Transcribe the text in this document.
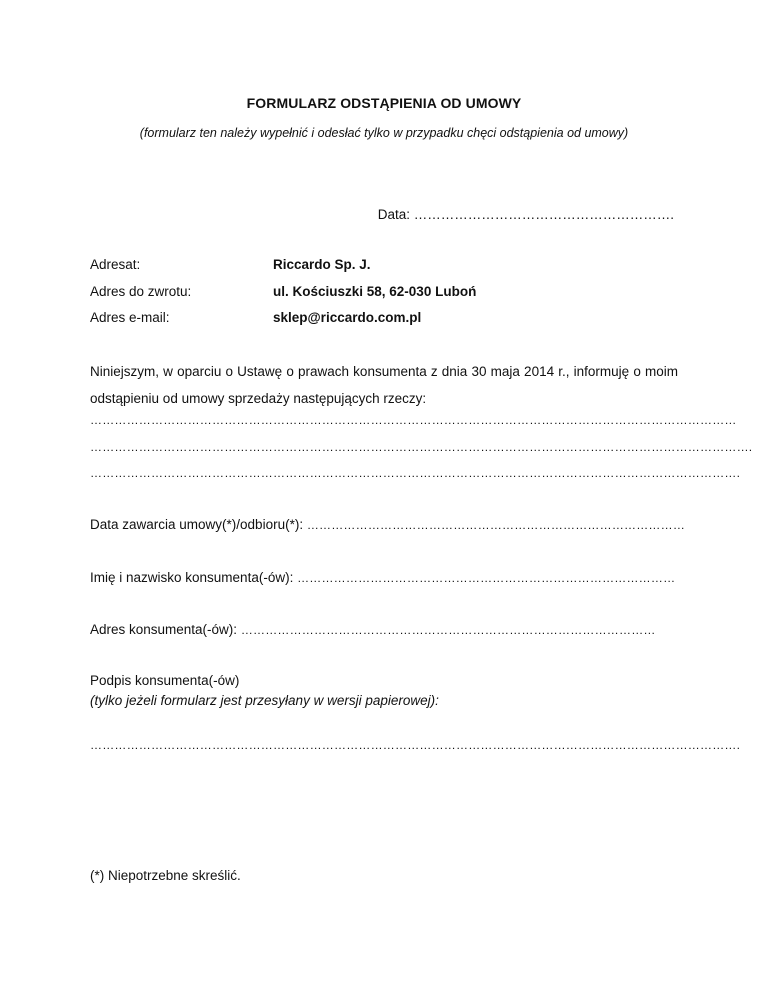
FORMULARZ ODSTĄPIENIA OD UMOWY
(formularz ten należy wypełnić i odesłać tylko w przypadku chęci odstąpienia od umowy)
Data: ………………………………………………….
Adresat:	Riccardo Sp. J.
Adres do zwrotu:	ul. Kościuszki 58, 62-030 Luboń
Adres e-mail:	sklep@riccardo.com.pl
Niniejszym, w oparciu o Ustawę o prawach konsumenta z dnia 30 maja 2014 r., informuję o moim odstąpieniu od umowy sprzedaży następujących rzeczy:
……………………………………………………………………………………………………………………………………………
……………………………………………………………………………………………………………………………………………….
…………………………………………………………………………………………………………………………………………….
Data zawarcia umowy(*)/odbioru(*): …………………………………………………………………………………
Imię i nazwisko konsumenta(-ów): …………………………………………………………………………………
Adres konsumenta(-ów): …………………………………………………………………………………………
Podpis konsumenta(-ów)
(tylko jeżeli formularz jest przesyłany w wersji papierowej):
…………………………………………………………………………………………………………………………………………….
(*) Niepotrzebne skreślić.
